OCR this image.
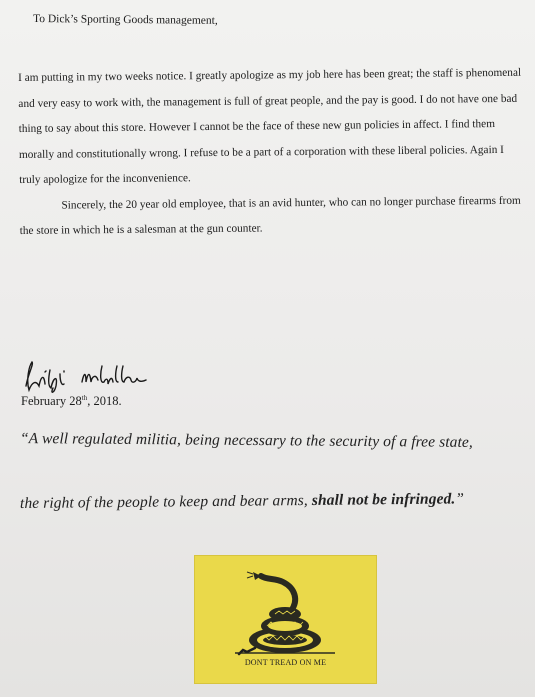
To Dick’s Sporting Goods management,

I am putting in my two weeks notice. I greatly apologize as my job here has been great; the staff is phenomenal and very easy to work with, the management is full of great people, and the pay is good. I do not have one bad thing to say about this store. However I cannot be the face of these new gun policies in affect. I find them morally and constitutionally wrong. I refuse to be a part of a corporation with these liberal policies. Again I truly apologize for the inconvenience.

Sincerely, the 20 year old employee, that is an avid hunter, who can no longer purchase firearms from the store in which he is a salesman at the gun counter.

February 28th, 2018.
“A well regulated militia, being necessary to the security of a free state,
the right of the people to keep and bear arms, shall not be infringed.”
DONT TREAD ON ME
